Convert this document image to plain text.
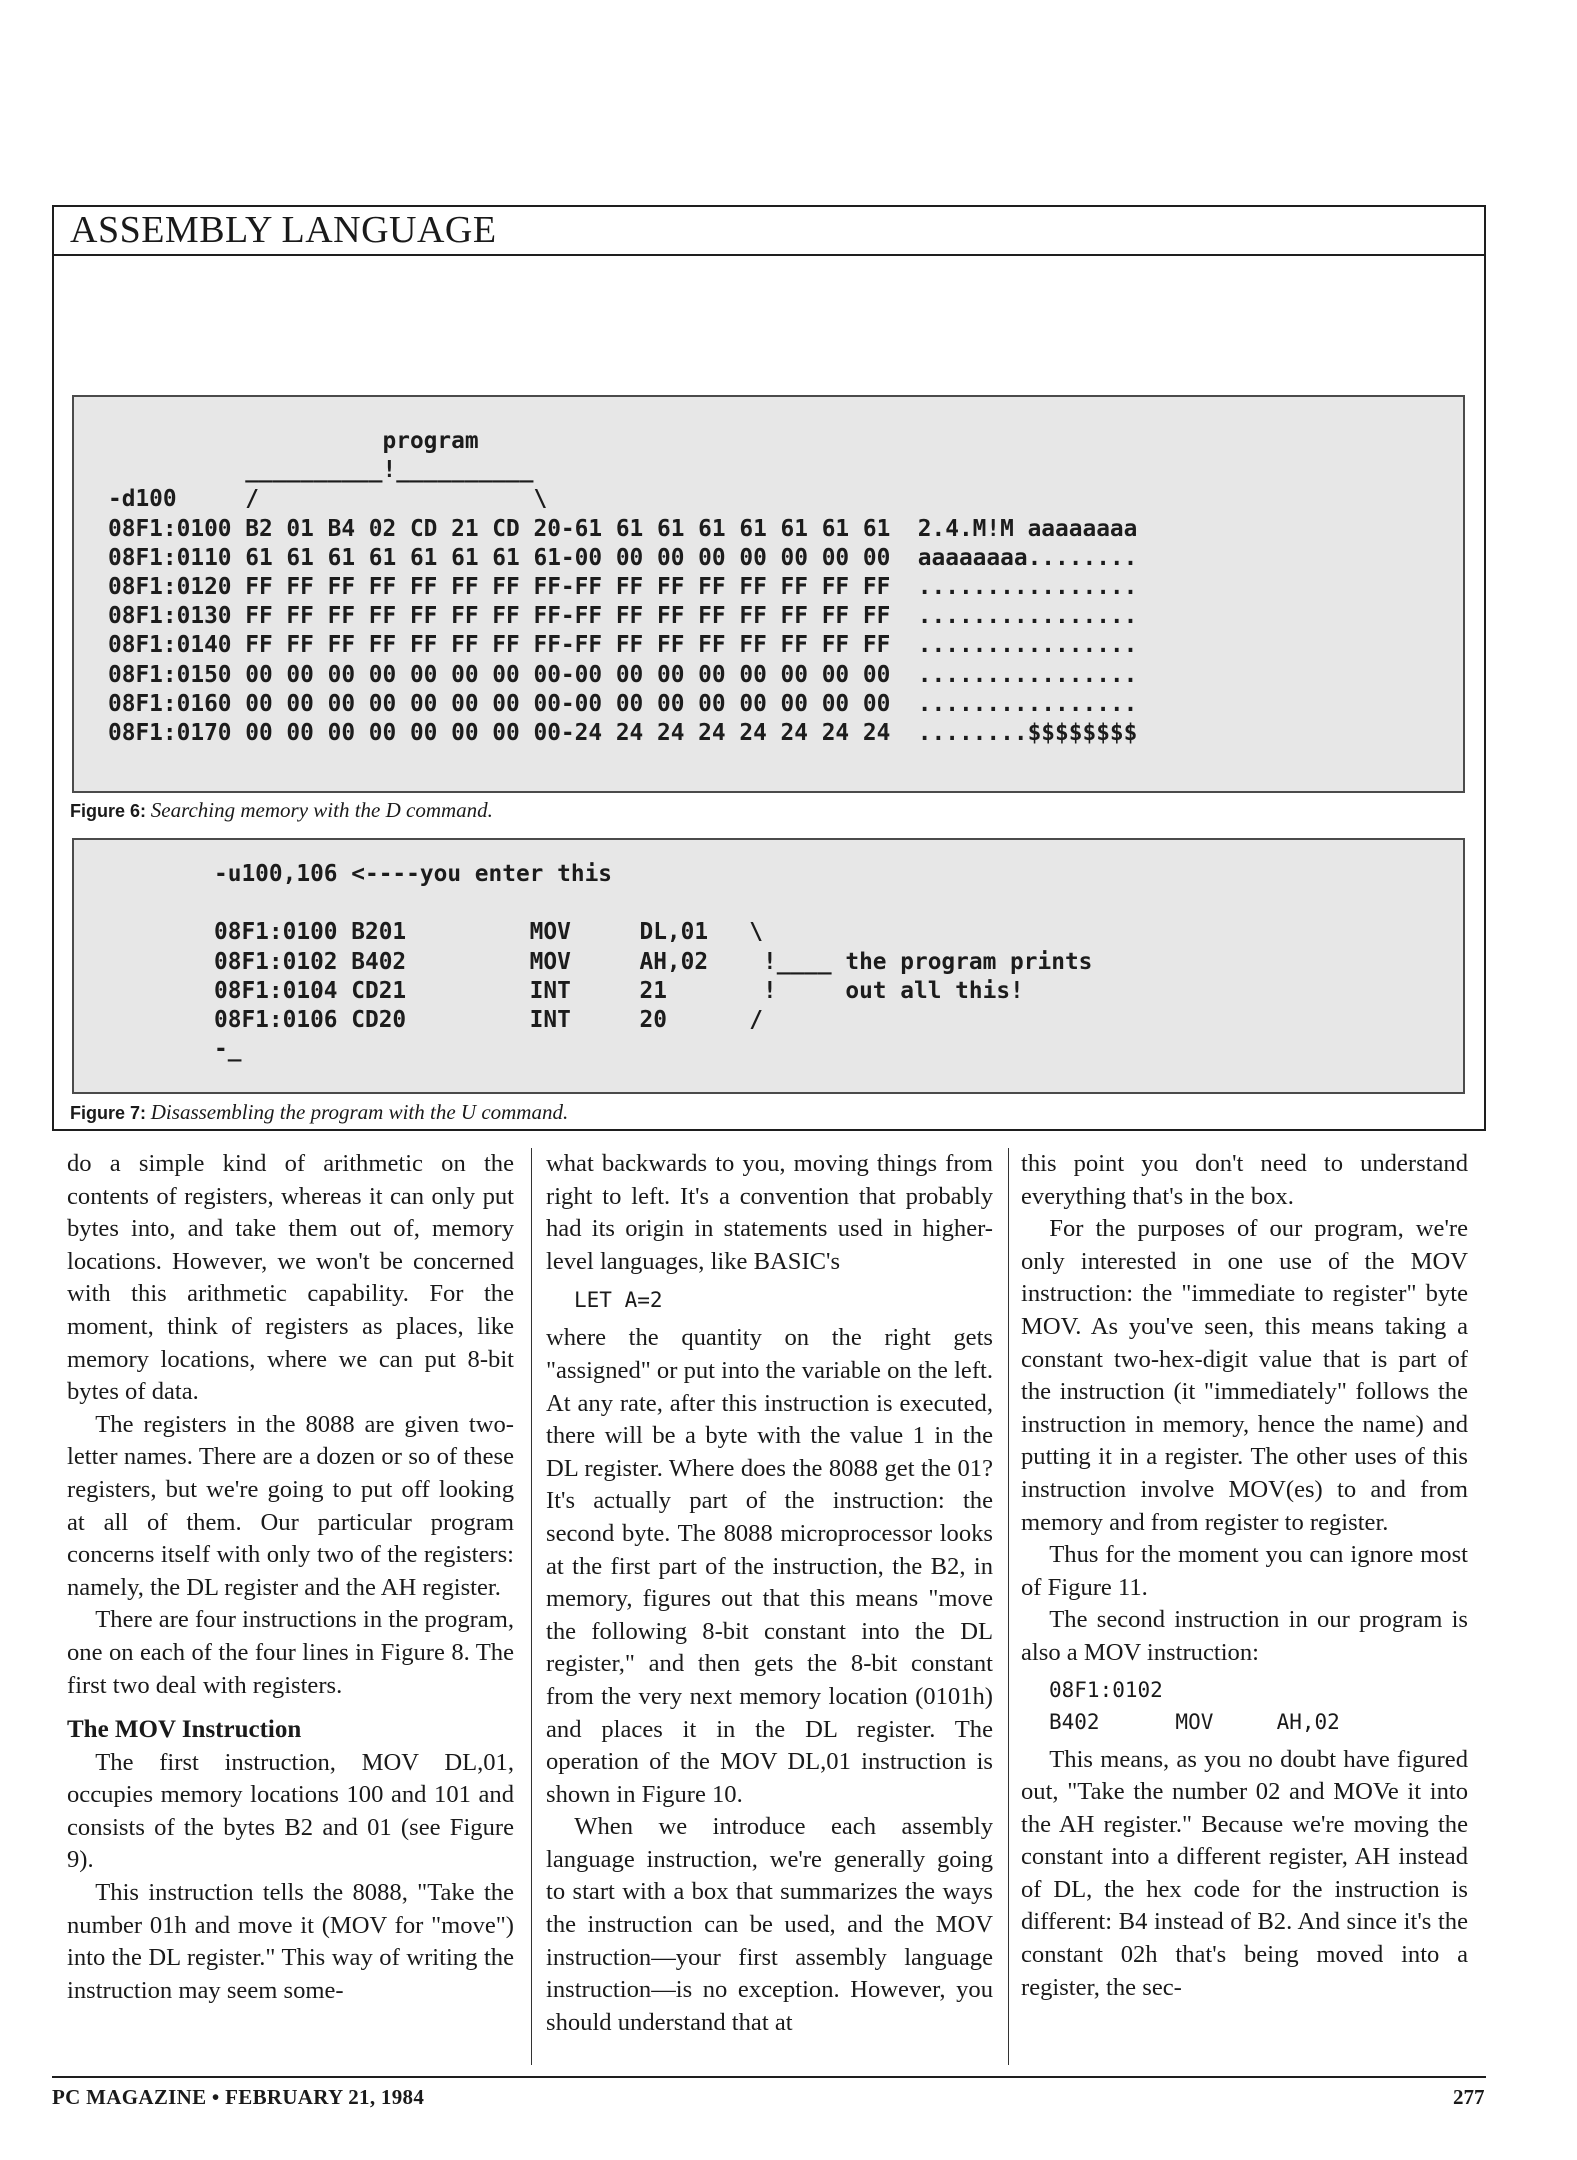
ASSEMBLY LANGUAGE
program
__________!__________
-d100     /                    \
08F1:0100 B2 01 B4 02 CD 21 CD 20-61 61 61 61 61 61 61 61  2.4.M!M aaaaaaaa
08F1:0110 61 61 61 61 61 61 61 61-00 00 00 00 00 00 00 00  aaaaaaaa........
08F1:0120 FF FF FF FF FF FF FF FF-FF FF FF FF FF FF FF FF  ................
08F1:0130 FF FF FF FF FF FF FF FF-FF FF FF FF FF FF FF FF  ................
08F1:0140 FF FF FF FF FF FF FF FF-FF FF FF FF FF FF FF FF  ................
08F1:0150 00 00 00 00 00 00 00 00-00 00 00 00 00 00 00 00  ................
08F1:0160 00 00 00 00 00 00 00 00-00 00 00 00 00 00 00 00  ................
08F1:0170 00 00 00 00 00 00 00 00-24 24 24 24 24 24 24 24  ........$$$$$$$$
Figure 6: Searching memory with the D command.
-u100,106 <----you enter this

08F1:0100 B201         MOV     DL,01   \
08F1:0102 B402         MOV     AH,02    !____ the program prints
08F1:0104 CD21         INT     21       !     out all this!
08F1:0106 CD20         INT     20      /
-_
Figure 7: Disassembling the program with the U command.

do a simple kind of arithmetic on the contents of registers, whereas it can only put bytes into, and take them out of, memory locations. However, we won't be concerned with this arithmetic capability. For the moment, think of registers as places, like memory locations, where we can put 8-bit bytes of data.

The registers in the 8088 are given two-letter names. There are a dozen or so of these registers, but we're going to put off looking at all of them. Our particular program concerns itself with only two of the registers: namely, the DL register and the AH register.

There are four instructions in the program, one on each of the four lines in Figure 8. The first two deal with registers.

The MOV Instruction

The first instruction, MOV DL,01, occupies memory locations 100 and 101 and consists of the bytes B2 and 01 (see Figure 9).

This instruction tells the 8088, "Take the number 01h and move it (MOV for "move") into the DL register." This way of writing the instruction may seem some-

what backwards to you, moving things from right to left. It's a convention that probably had its origin in statements used in higher-level languages, like BASIC's

LET A=2

where the quantity on the right gets "assigned" or put into the variable on the left. At any rate, after this instruction is executed, there will be a byte with the value 1 in the DL register. Where does the 8088 get the 01? It's actually part of the instruction: the second byte. The 8088 microprocessor looks at the first part of the instruction, the B2, in memory, figures out that this means "move the following 8-bit constant into the DL register," and then gets the 8-bit constant from the very next memory location (0101h) and places it in the DL register. The operation of the MOV DL,01 instruction is shown in Figure 10.

When we introduce each assembly language instruction, we're generally going to start with a box that summarizes the ways the instruction can be used, and the MOV instruction—your first assembly language instruction—is no exception. However, you should understand that at

this point you don't need to understand everything that's in the box.

For the purposes of our program, we're only interested in one use of the MOV instruction: the "immediate to register" byte MOV. As you've seen, this means taking a constant two-hex-digit value that is part of the instruction (it "immediately" follows the instruction in memory, hence the name) and putting it in a register. The other uses of this instruction involve MOV(es) to and from memory and from register to register.

Thus for the moment you can ignore most of Figure 11.

The second instruction in our program is also a MOV instruction:

08F1:0102
B402      MOV     AH,02

This means, as you no doubt have figured out, "Take the number 02 and MOVe it into the AH register." Because we're moving the constant into a different register, AH instead of DL, the hex code for the instruction is different: B4 instead of B2. And since it's the constant 02h that's being moved into a register, the sec-

PC MAGAZINE • FEBRUARY 21, 1984	277
